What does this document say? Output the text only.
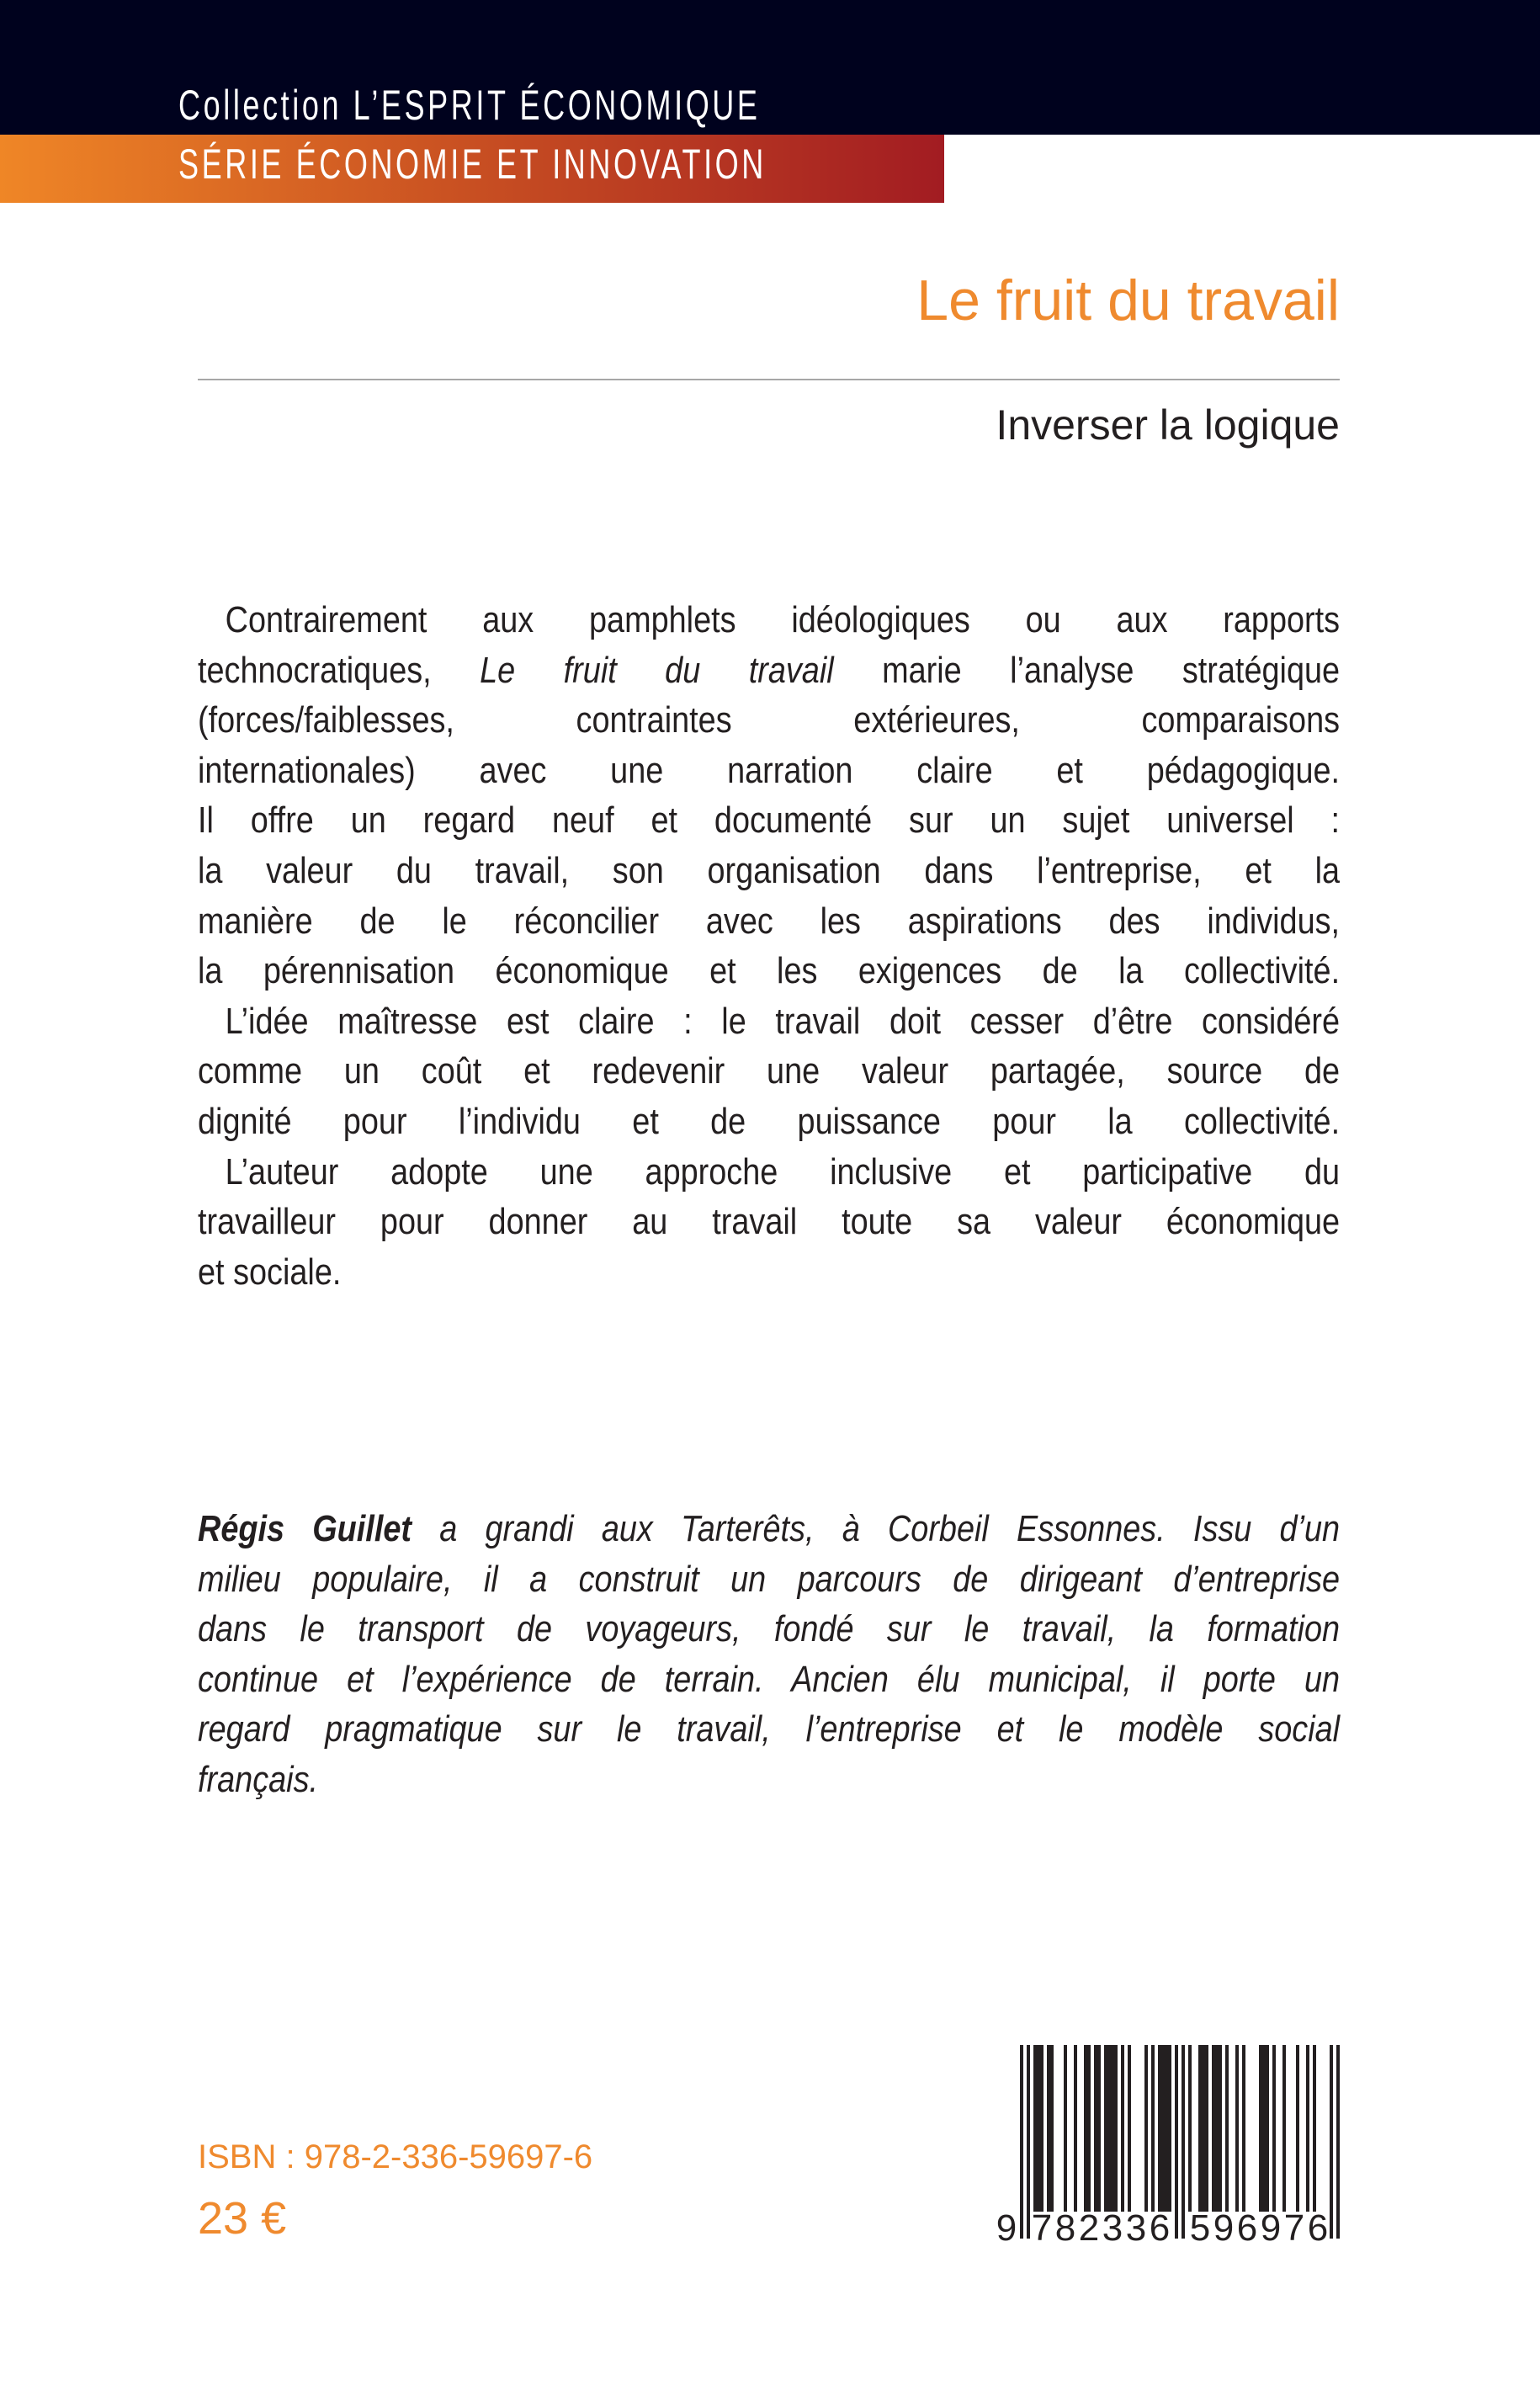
Collection L’ESPRIT ÉCONOMIQUE
SÉRIE ÉCONOMIE ET INNOVATION
Le fruit du travail
Inverser la logique
Contrairement aux pamphlets idéologiques ou aux rapports
technocratiques, Le fruit du travail marie l’analyse stratégique
(forces/faiblesses, contraintes extérieures, comparaisons
internationales) avec une narration claire et pédagogique.
Il offre un regard neuf et documenté sur un sujet universel :
la valeur du travail, son organisation dans l’entreprise, et la
manière de le réconcilier avec les aspirations des individus,
la pérennisation économique et les exigences de la collectivité.
L’idée maîtresse est claire : le travail doit cesser d’être considéré
comme un coût et redevenir une valeur partagée, source de
dignité pour l’individu et de puissance pour la collectivité.
L’auteur adopte une approche inclusive et participative du
travailleur pour donner au travail toute sa valeur économique
et sociale.
Régis Guillet a grandi aux Tarterêts, à Corbeil Essonnes. Issu d’un
milieu populaire, il a construit un parcours de dirigeant d’entreprise
dans le transport de voyageurs, fondé sur le travail, la formation
continue et l’expérience de terrain. Ancien élu municipal, il porte un
regard pragmatique sur le travail, l’entreprise et le modèle social
français.
ISBN : 978-2-336-59697-6
23 €	9 7 8 2 3 3 6 5 9 6 9 7 6
